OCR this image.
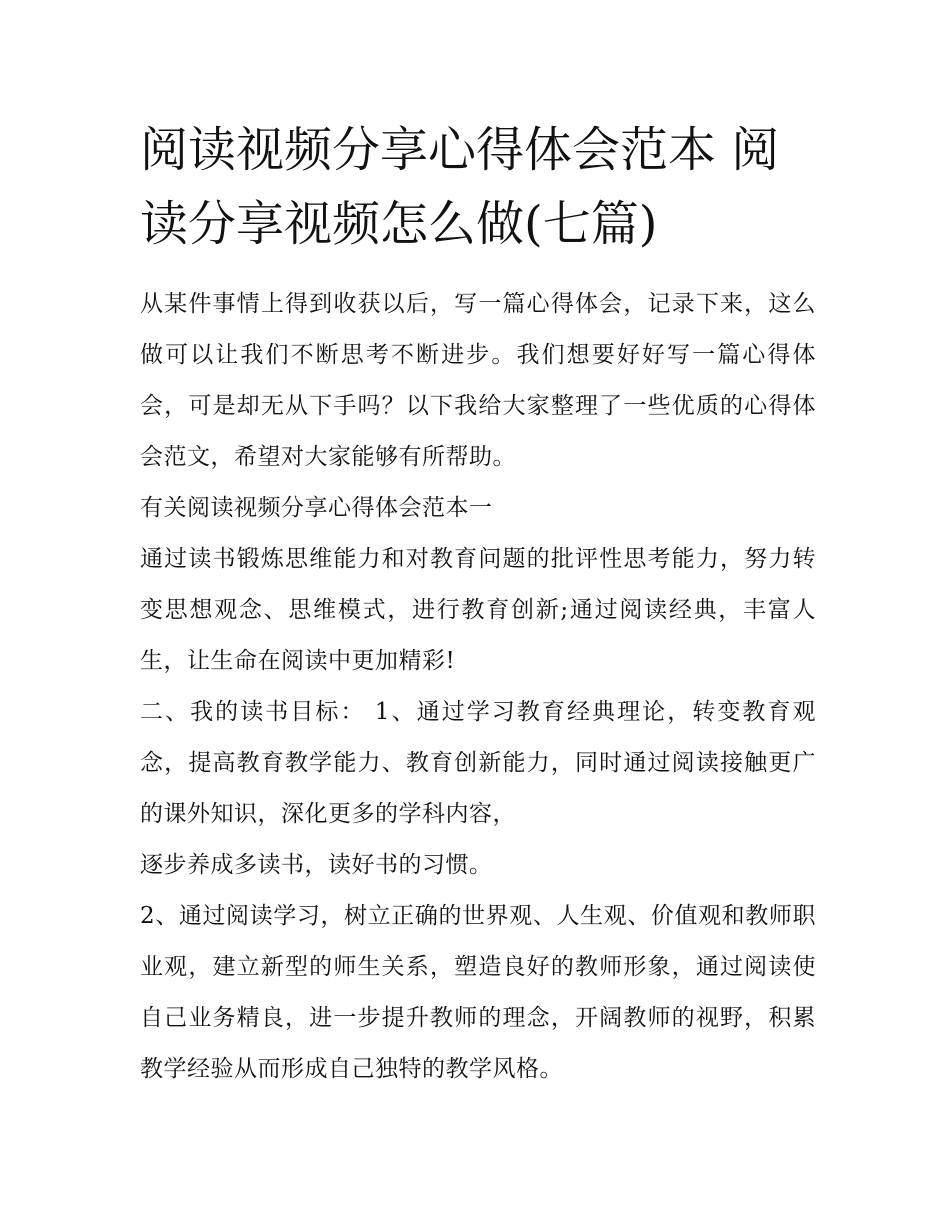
阅读视频分享心得体会范本 阅读分享视频怎么做(七篇)

从某件事情上得到收获以后，写一篇心得体会，记录下来，这么做可以让我们不断思考不断进步。我们想要好好写一篇心得体会，可是却无从下手吗？以下我给大家整理了一些优质的心得体会范文，希望对大家能够有所帮助。

有关阅读视频分享心得体会范本一

通过读书锻炼思维能力和对教育问题的批评性思考能力，努力转变思想观念、思维模式，进行教育创新;通过阅读经典，丰富人生，让生命在阅读中更加精彩!

二、我的读书目标： 1、通过学习教育经典理论，转变教育观念，提高教育教学能力、教育创新能力，同时通过阅读接触更广的课外知识，深化更多的学科内容，

逐步养成多读书，读好书的习惯。

2、通过阅读学习，树立正确的世界观、人生观、价值观和教师职业观，建立新型的师生关系，塑造良好的教师形象，通过阅读使自己业务精良，进一步提升教师的理念，开阔教师的视野，积累教学经验从而形成自己独特的教学风格。
